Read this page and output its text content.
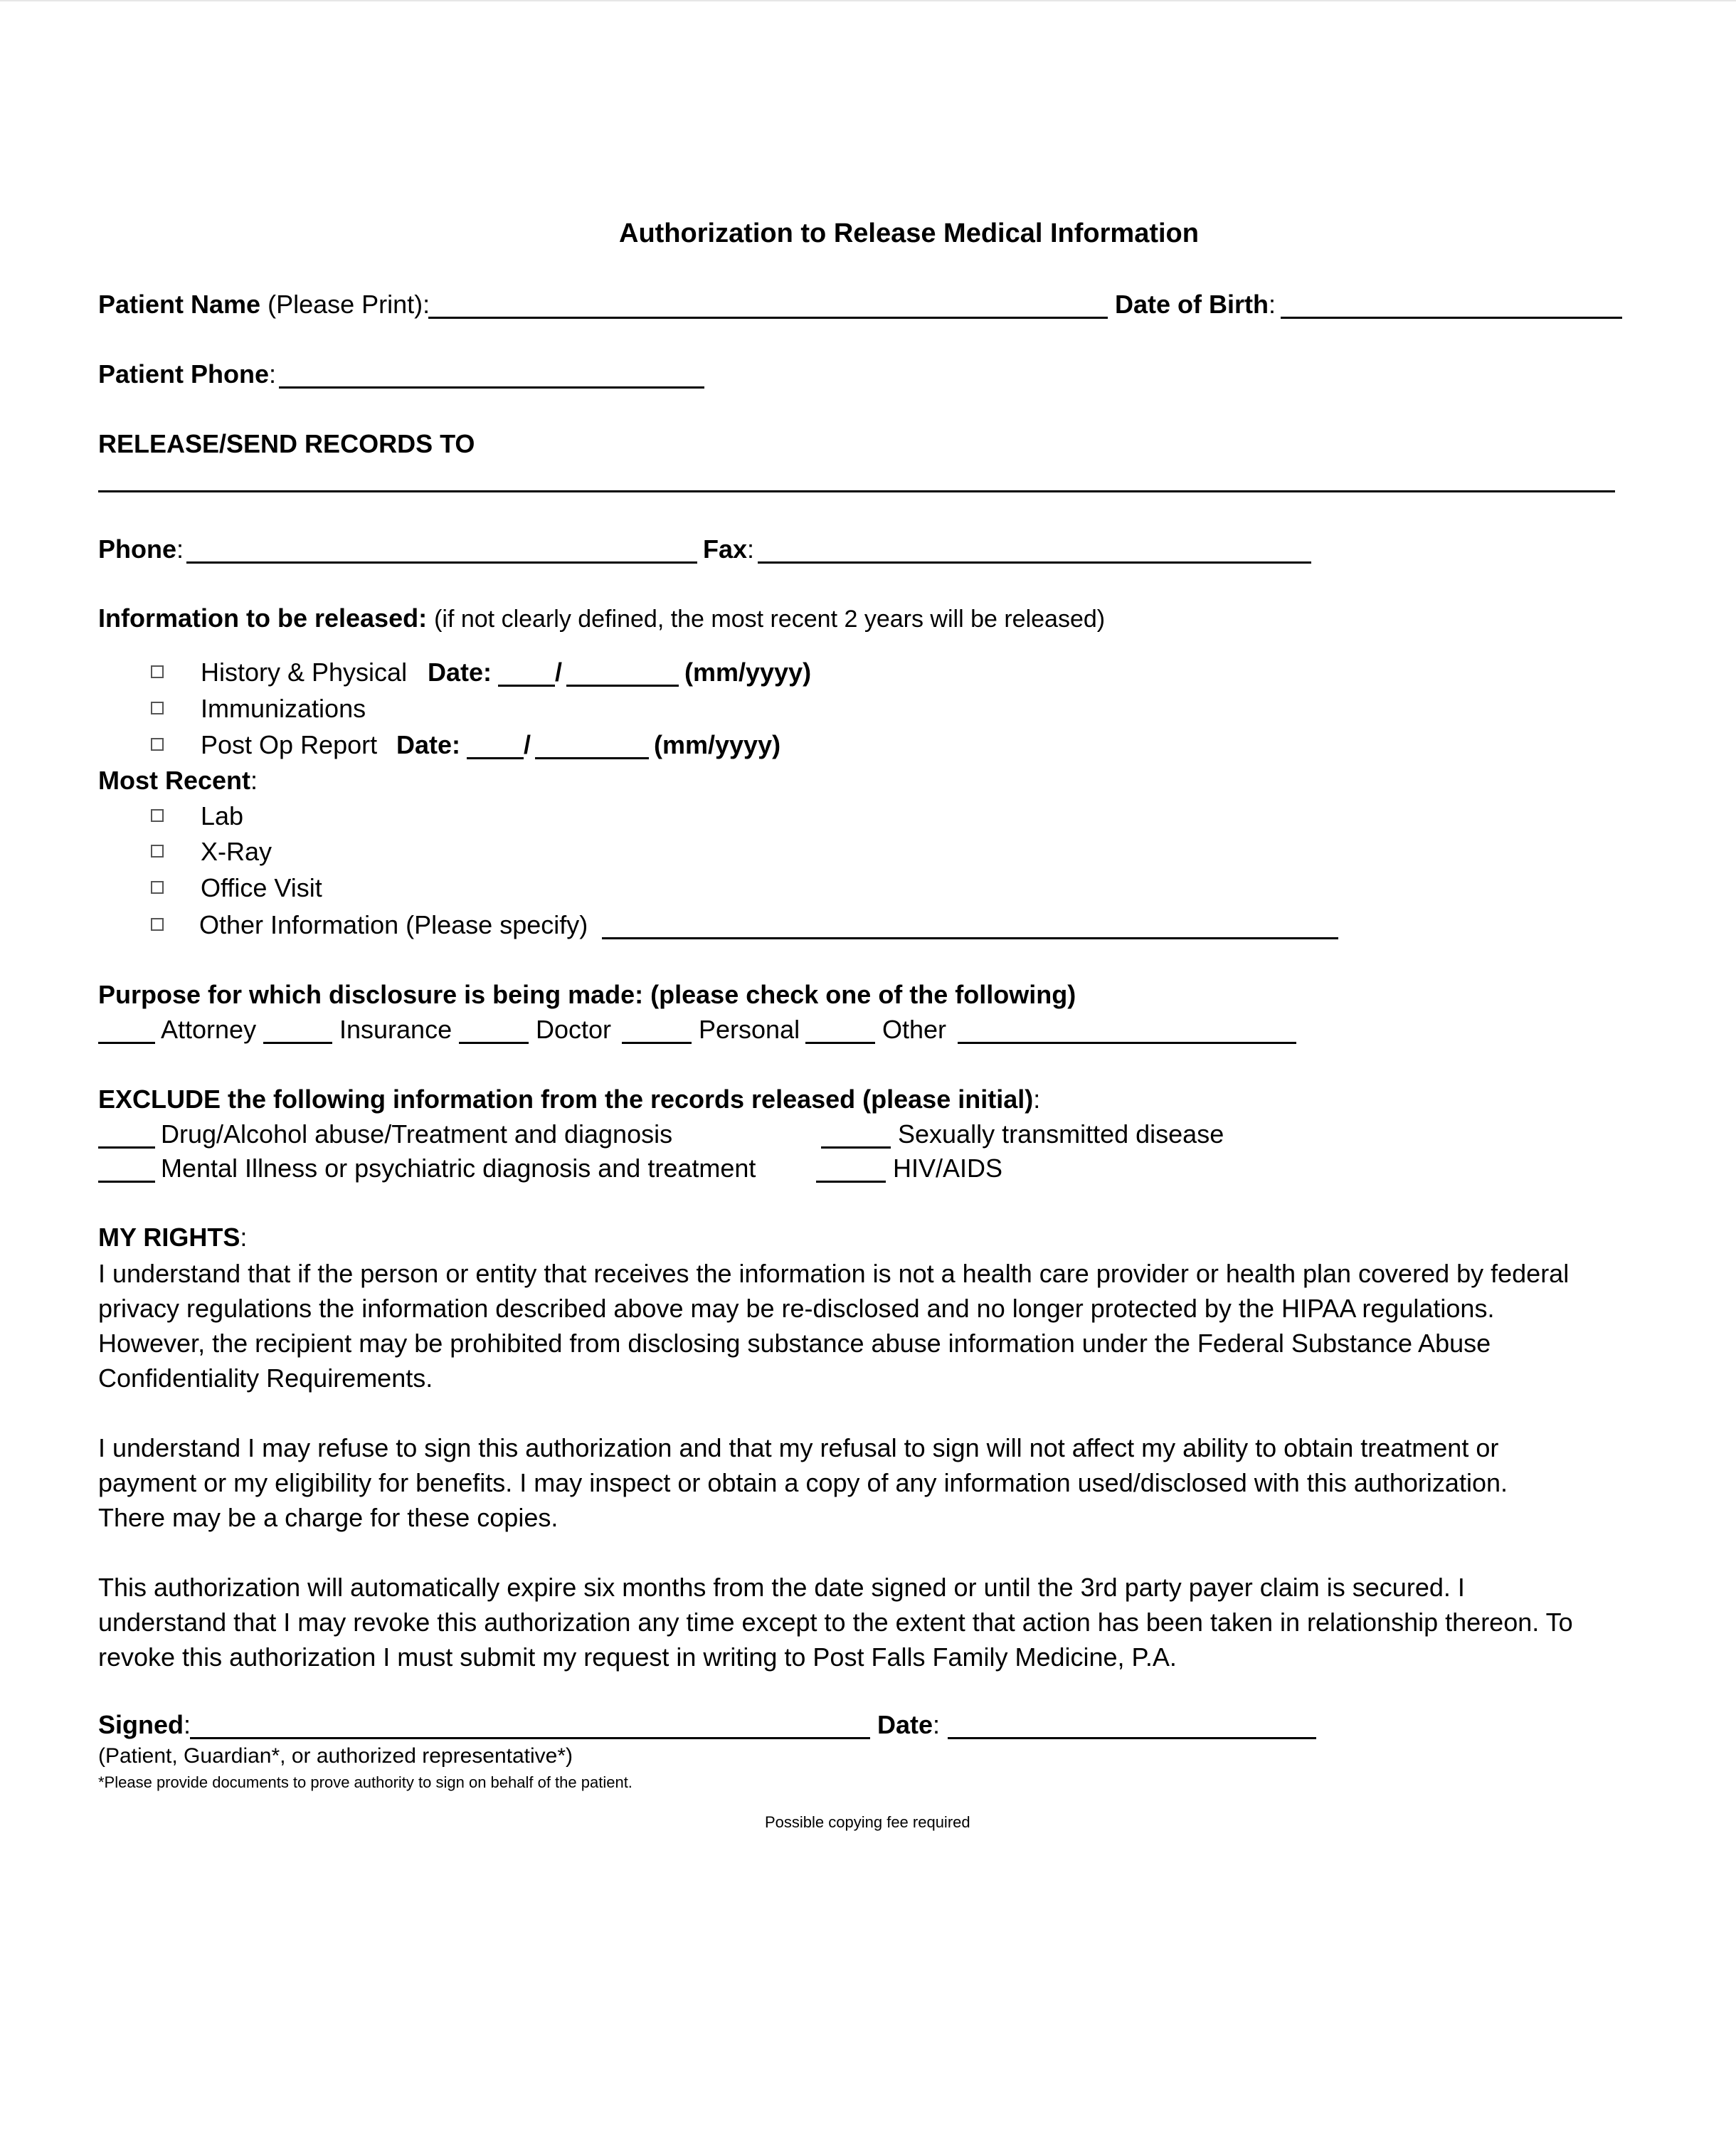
Authorization to Release Medical Information
Patient Name (Please Print):	Date of Birth:
Patient Phone:
RELEASE/SEND RECORDS TO
Phone:	Fax:
Information to be released: (if not clearly defined, the most recent 2 years will be released)
History & Physical Date: /	(mm/yyyy)
Immunizations
Post Op Report Date: /	(mm/yyyy)
Most Recent:
Lab
X-Ray
Office Visit
Other Information (Please specify)
Purpose for which disclosure is being made: (please check one of the following)
Attorney	Insurance	Doctor	Personal	Other
EXCLUDE the following information from the records released (please initial):
Drug/Alcohol abuse/Treatment and diagnosis	Sexually transmitted disease
Mental Illness or psychiatric diagnosis and treatment	HIV/AIDS
MY RIGHTS:
I understand that if the person or entity that receives the information is not a health care provider or health plan covered by federal
privacy regulations the information described above may be re-disclosed and no longer protected by the HIPAA regulations.
However, the recipient may be prohibited from disclosing substance abuse information under the Federal Substance Abuse
Confidentiality Requirements.
I understand I may refuse to sign this authorization and that my refusal to sign will not affect my ability to obtain treatment or
payment or my eligibility for benefits. I may inspect or obtain a copy of any information used/disclosed with this authorization.
There may be a charge for these copies.
This authorization will automatically expire six months from the date signed or until the 3rd party payer claim is secured. I
understand that I may revoke this authorization any time except to the extent that action has been taken in relationship thereon. To
revoke this authorization I must submit my request in writing to Post Falls Family Medicine, P.A.
Signed:	Date:
(Patient, Guardian*, or authorized representative*)
*Please provide documents to prove authority to sign on behalf of the patient.
Possible copying fee required
